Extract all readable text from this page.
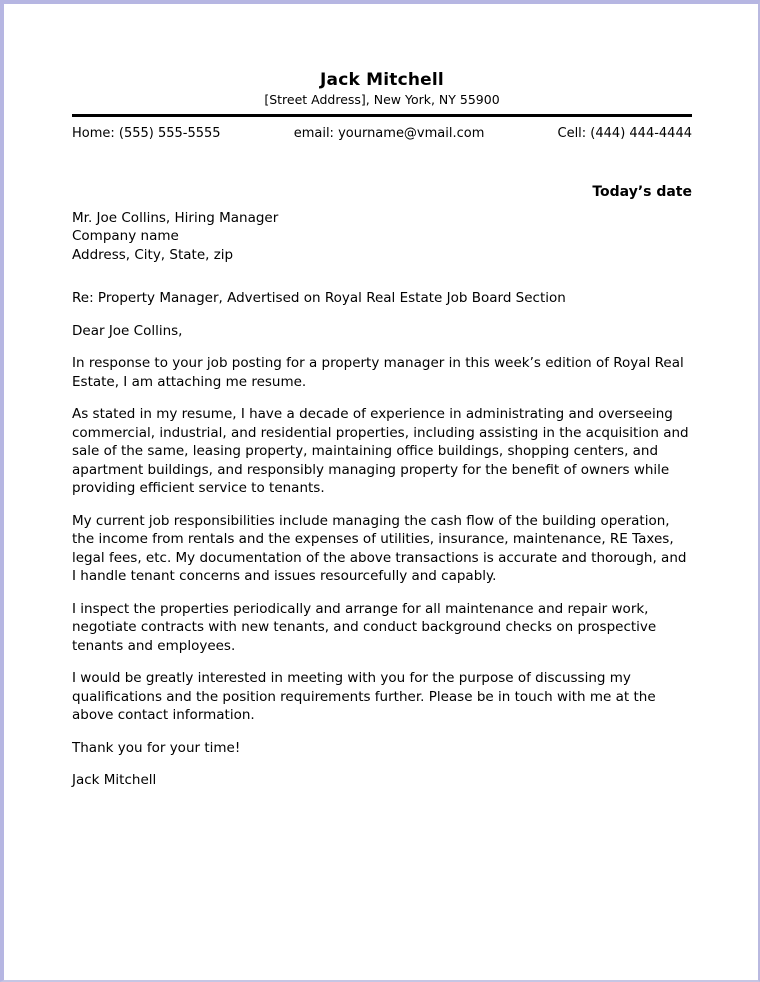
Jack Mitchell
[Street Address], New York, NY 55900
Home: (555) 555-5555	email: yourname@vmail.com	Cell: (444) 444-4444
Today’s date
Mr. Joe Collins, Hiring Manager
Company name
Address, City, State, zip

Re: Property Manager, Advertised on Royal Real Estate Job Board Section

Dear Joe Collins,

In response to your job posting for a property manager in this week’s edition of Royal Real Estate, I am attaching me resume.

As stated in my resume, I have a decade of experience in administrating and overseeing commercial, industrial, and residential properties, including assisting in the acquisition and sale of the same, leasing property, maintaining office buildings, shopping centers, and apartment buildings, and responsibly managing property for the benefit of owners while providing efficient service to tenants.

My current job responsibilities include managing the cash flow of the building operation, the income from rentals and the expenses of utilities, insurance, maintenance, RE Taxes, legal fees, etc. My documentation of the above transactions is accurate and thorough, and I handle tenant concerns and issues resourcefully and capably.

I inspect the properties periodically and arrange for all maintenance and repair work, negotiate contracts with new tenants, and conduct background checks on prospective tenants and employees.

I would be greatly interested in meeting with you for the purpose of discussing my qualifications and the position requirements further. Please be in touch with me at the above contact information.

Thank you for your time!

Jack Mitchell
